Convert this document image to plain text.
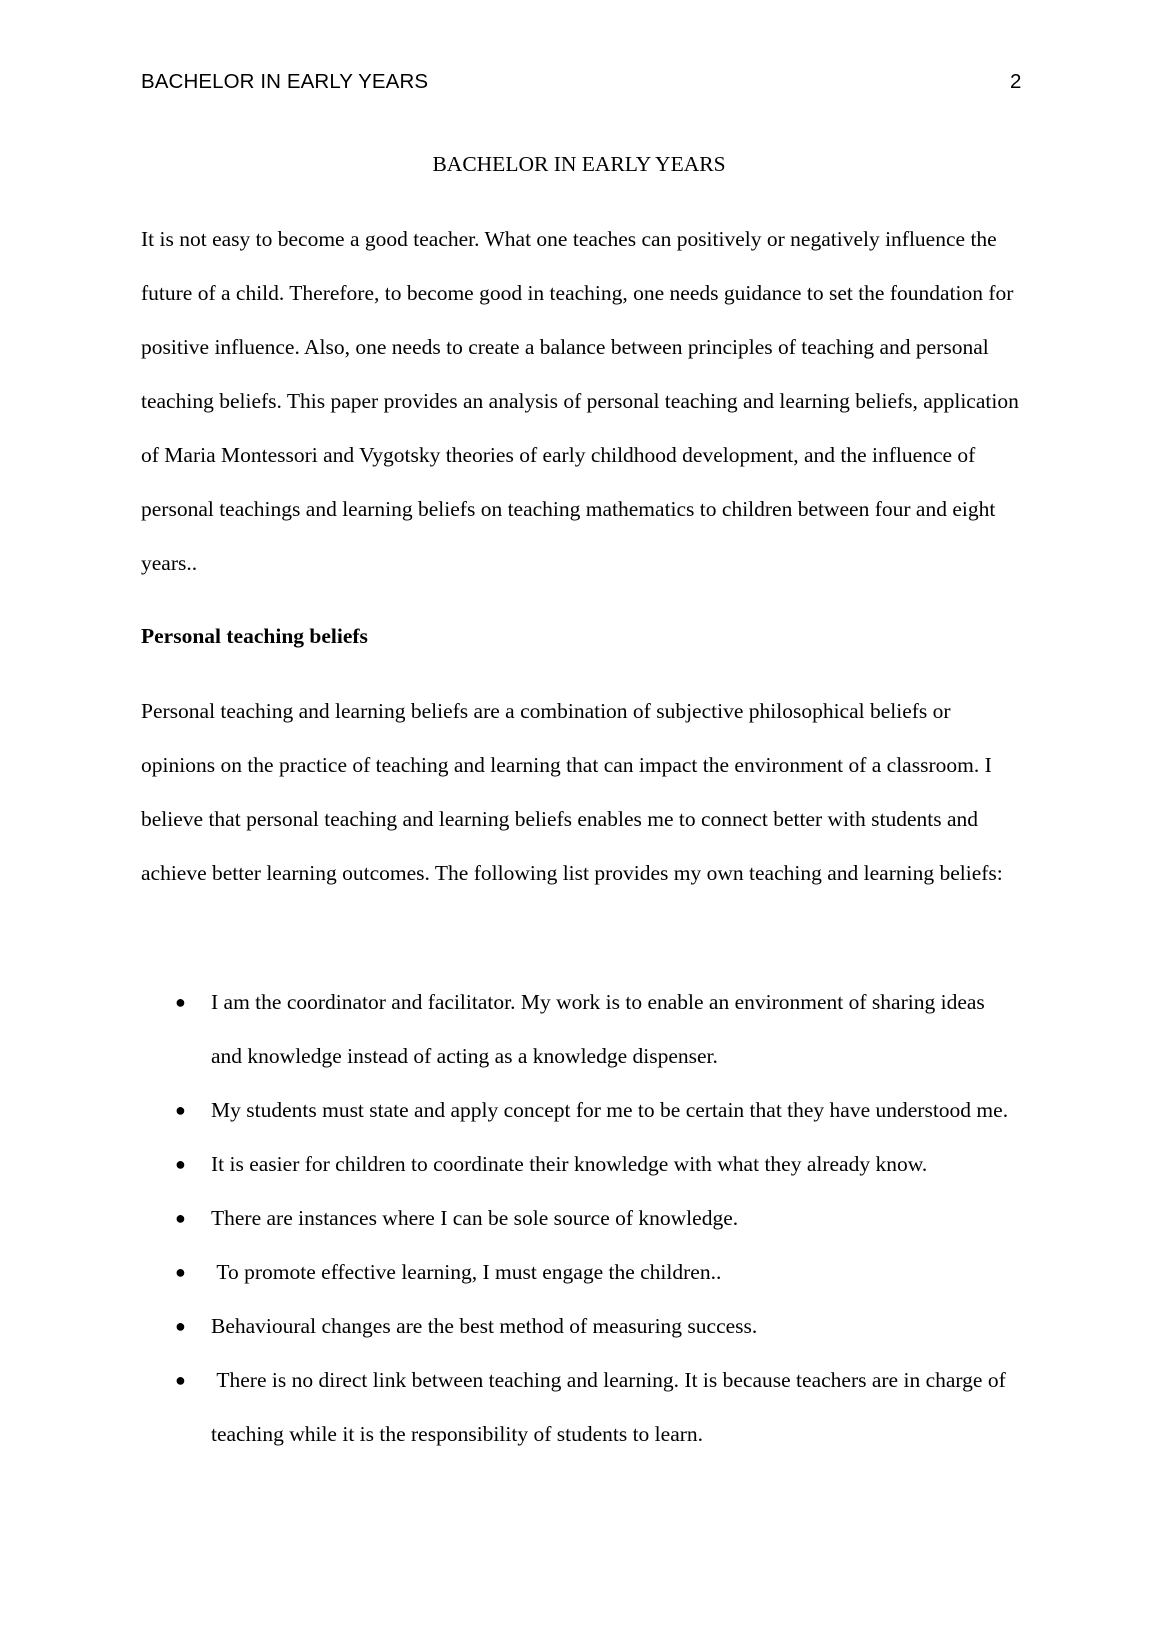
BACHELOR IN EARLY YEARS	2
BACHELOR IN EARLY YEARS

It is not easy to become a good teacher. What one teaches can positively or negatively influence the future of a child. Therefore, to become good in teaching, one needs guidance to set the foundation for positive influence. Also, one needs to create a balance between principles of teaching and personal teaching beliefs. This paper provides an analysis of personal teaching and learning beliefs, application of Maria Montessori and Vygotsky theories of early childhood development, and the influence of personal teachings and learning beliefs on teaching mathematics to children between four and eight years..

Personal teaching beliefs

Personal teaching and learning beliefs are a combination of subjective philosophical beliefs or opinions on the practice of teaching and learning that can impact the environment of a classroom. I believe that personal teaching and learning beliefs enables me to connect better with students and achieve better learning outcomes. The following list provides my own teaching and learning beliefs:

● I am the coordinator and facilitator. My work is to enable an environment of sharing ideas and knowledge instead of acting as a knowledge dispenser.
● My students must state and apply concept for me to be certain that they have understood me.
● It is easier for children to coordinate their knowledge with what they already know.
● There are instances where I can be sole source of knowledge.
● To promote effective learning, I must engage the children..
● Behavioural changes are the best method of measuring success.
● There is no direct link between teaching and learning. It is because teachers are in charge of teaching while it is the responsibility of students to learn.
